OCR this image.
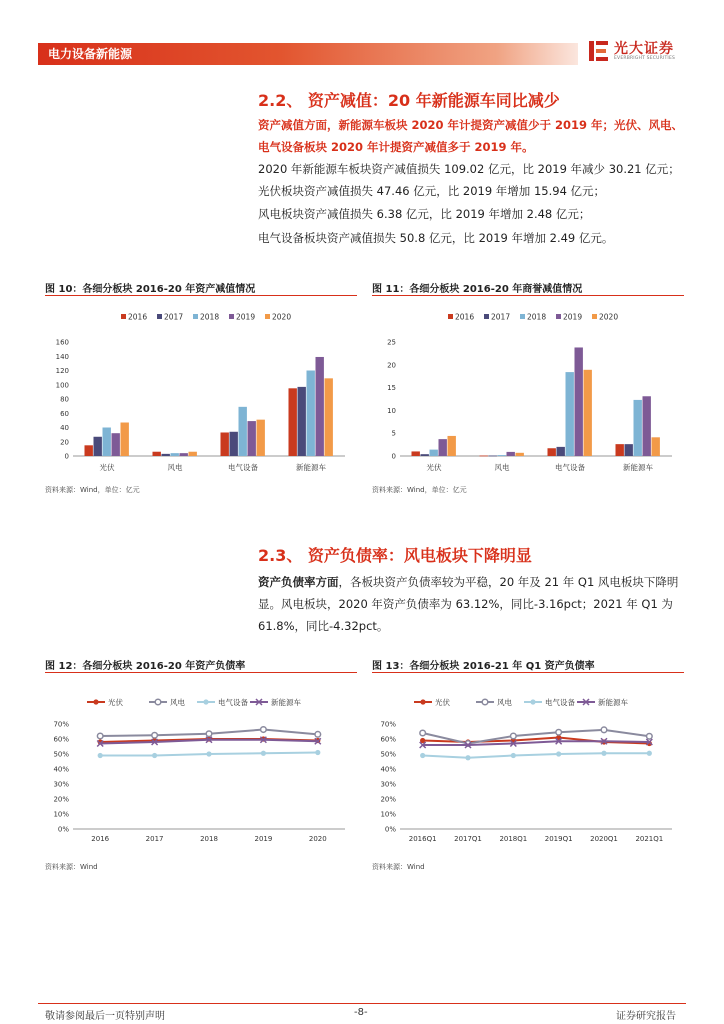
电力设备新能源	光大证券
EVERBRIGHT SECURITIES
2.2、 资产减值：20 年新能源车同比减少
资产减值方面，新能源车板块 2020 年计提资产减值少于 2019 年；光伏、风电、电气设备板块 2020 年计提资产减值多于 2019 年。
2020 年新能源车板块资产减值损失 109.02 亿元，比 2019 年减少 30.21 亿元；
光伏板块资产减值损失 47.46 亿元，比 2019 年增加 15.94 亿元；
风电板块资产减值损失 6.38 亿元，比 2019 年增加 2.48 亿元；
电气设备板块资产减值损失 50.8 亿元，比 2019 年增加 2.49 亿元。
图 10：各细分板块 2016-20 年资产减值情况
2016 2017 2018 2019 2020
0
20
40
60
80
100
120
140
160
光伏	风电	电气设备	新能源车
资料来源：Wind，单位：亿元
图 11：各细分板块 2016-20 年商誉减值情况
2016 2017 2018 2019 2020
0
5
10
15
20
25
光伏	风电	电气设备	新能源车
资料来源：Wind，单位：亿元
2.3、 资产负债率：风电板块下降明显
资产负债率方面，各板块资产负债率较为平稳，20 年及 21 年 Q1 风电板块下降明显。风电板块，2020 年资产负债率为 63.12%，同比-3.16pct；2021 年 Q1 为 61.8%，同比-4.32pct。
图 12：各细分板块 2016-20 年资产负债率
光伏	风电	电气设备	新能源车
0%
10%
20%
30%
40%
50%
60%
70%
2016	2017	2018	2019	2020
资料来源：Wind
图 13：各细分板块 2016-21 年 Q1 资产负债率
光伏	风电	电气设备	新能源车
0%
10%
20%
30%
40%
50%
60%
70%
2016Q1	2017Q1	2018Q1	2019Q1	2020Q1	2021Q1
资料来源：Wind
敬请参阅最后一页特别声明	-8-	证券研究报告
